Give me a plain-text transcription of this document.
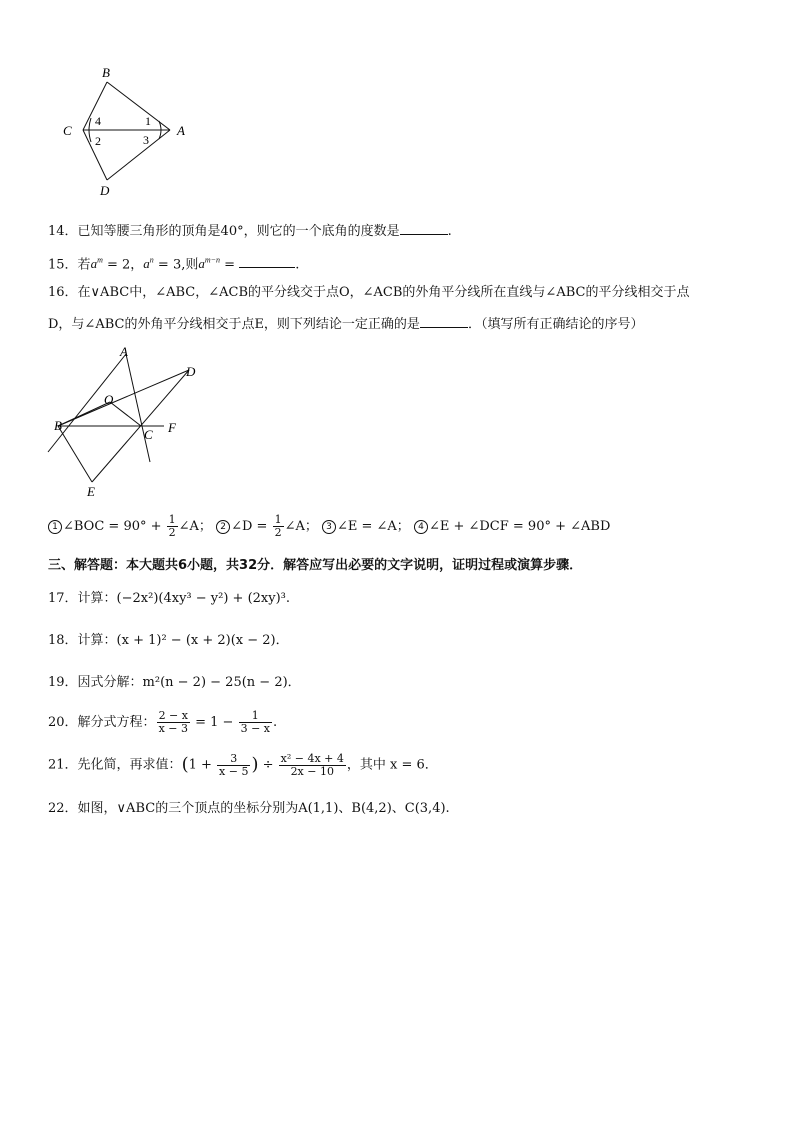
B
C	A
D
4
2
1
3
14．已知等腰三角形的顶角是40°，则它的一个底角的度数是	.
15．若$a^m = 2$，$a^n = 3$,则$a^{m-n}$ =	.
16．在∨ABC中，∠ABC，∠ACB的平分线交于点O，∠ACB的外角平分线所在直线与∠ABC的平分线相交于点
D，与∠ABC的外角平分线相交于点E，则下列结论一定正确的是	．（填写所有正确结论的序号）
A
D
O
B
C F
E
1 ∠BOC = $90^\circ + \frac{1}{2}$ ∠A； 2 ∠D = $\frac{1}{2}$ ∠A； 3 ∠E = ∠A； 4 ∠E + ∠DCF = 90° + ∠ABD
三、解答题：本大题共6小题，共32分．解答应写出必要的文字说明，证明过程或演算步骤．
17．计算：(−2x²)(4xy³ − y²) + (2xy)³.
18．计算：(x + 1)² − (x + 2)(x − 2)．
19．因式分解：m²(n − 2) − 25(n − 2)．
20．解分式方程： $\frac{2 - x}{x - 3} = 1 - \frac{1}{3 - x}$ .
21．先化简，再求值：($1 + \frac{3}{x - 5}$ ) ÷ $\frac{\text{x² − 4x + 4}}{2x - 10}$ ，其中 x = 6．
22．如图，∨ABC的三个顶点的坐标分别为A(1,1)、B(4,2)、C(3,4).
